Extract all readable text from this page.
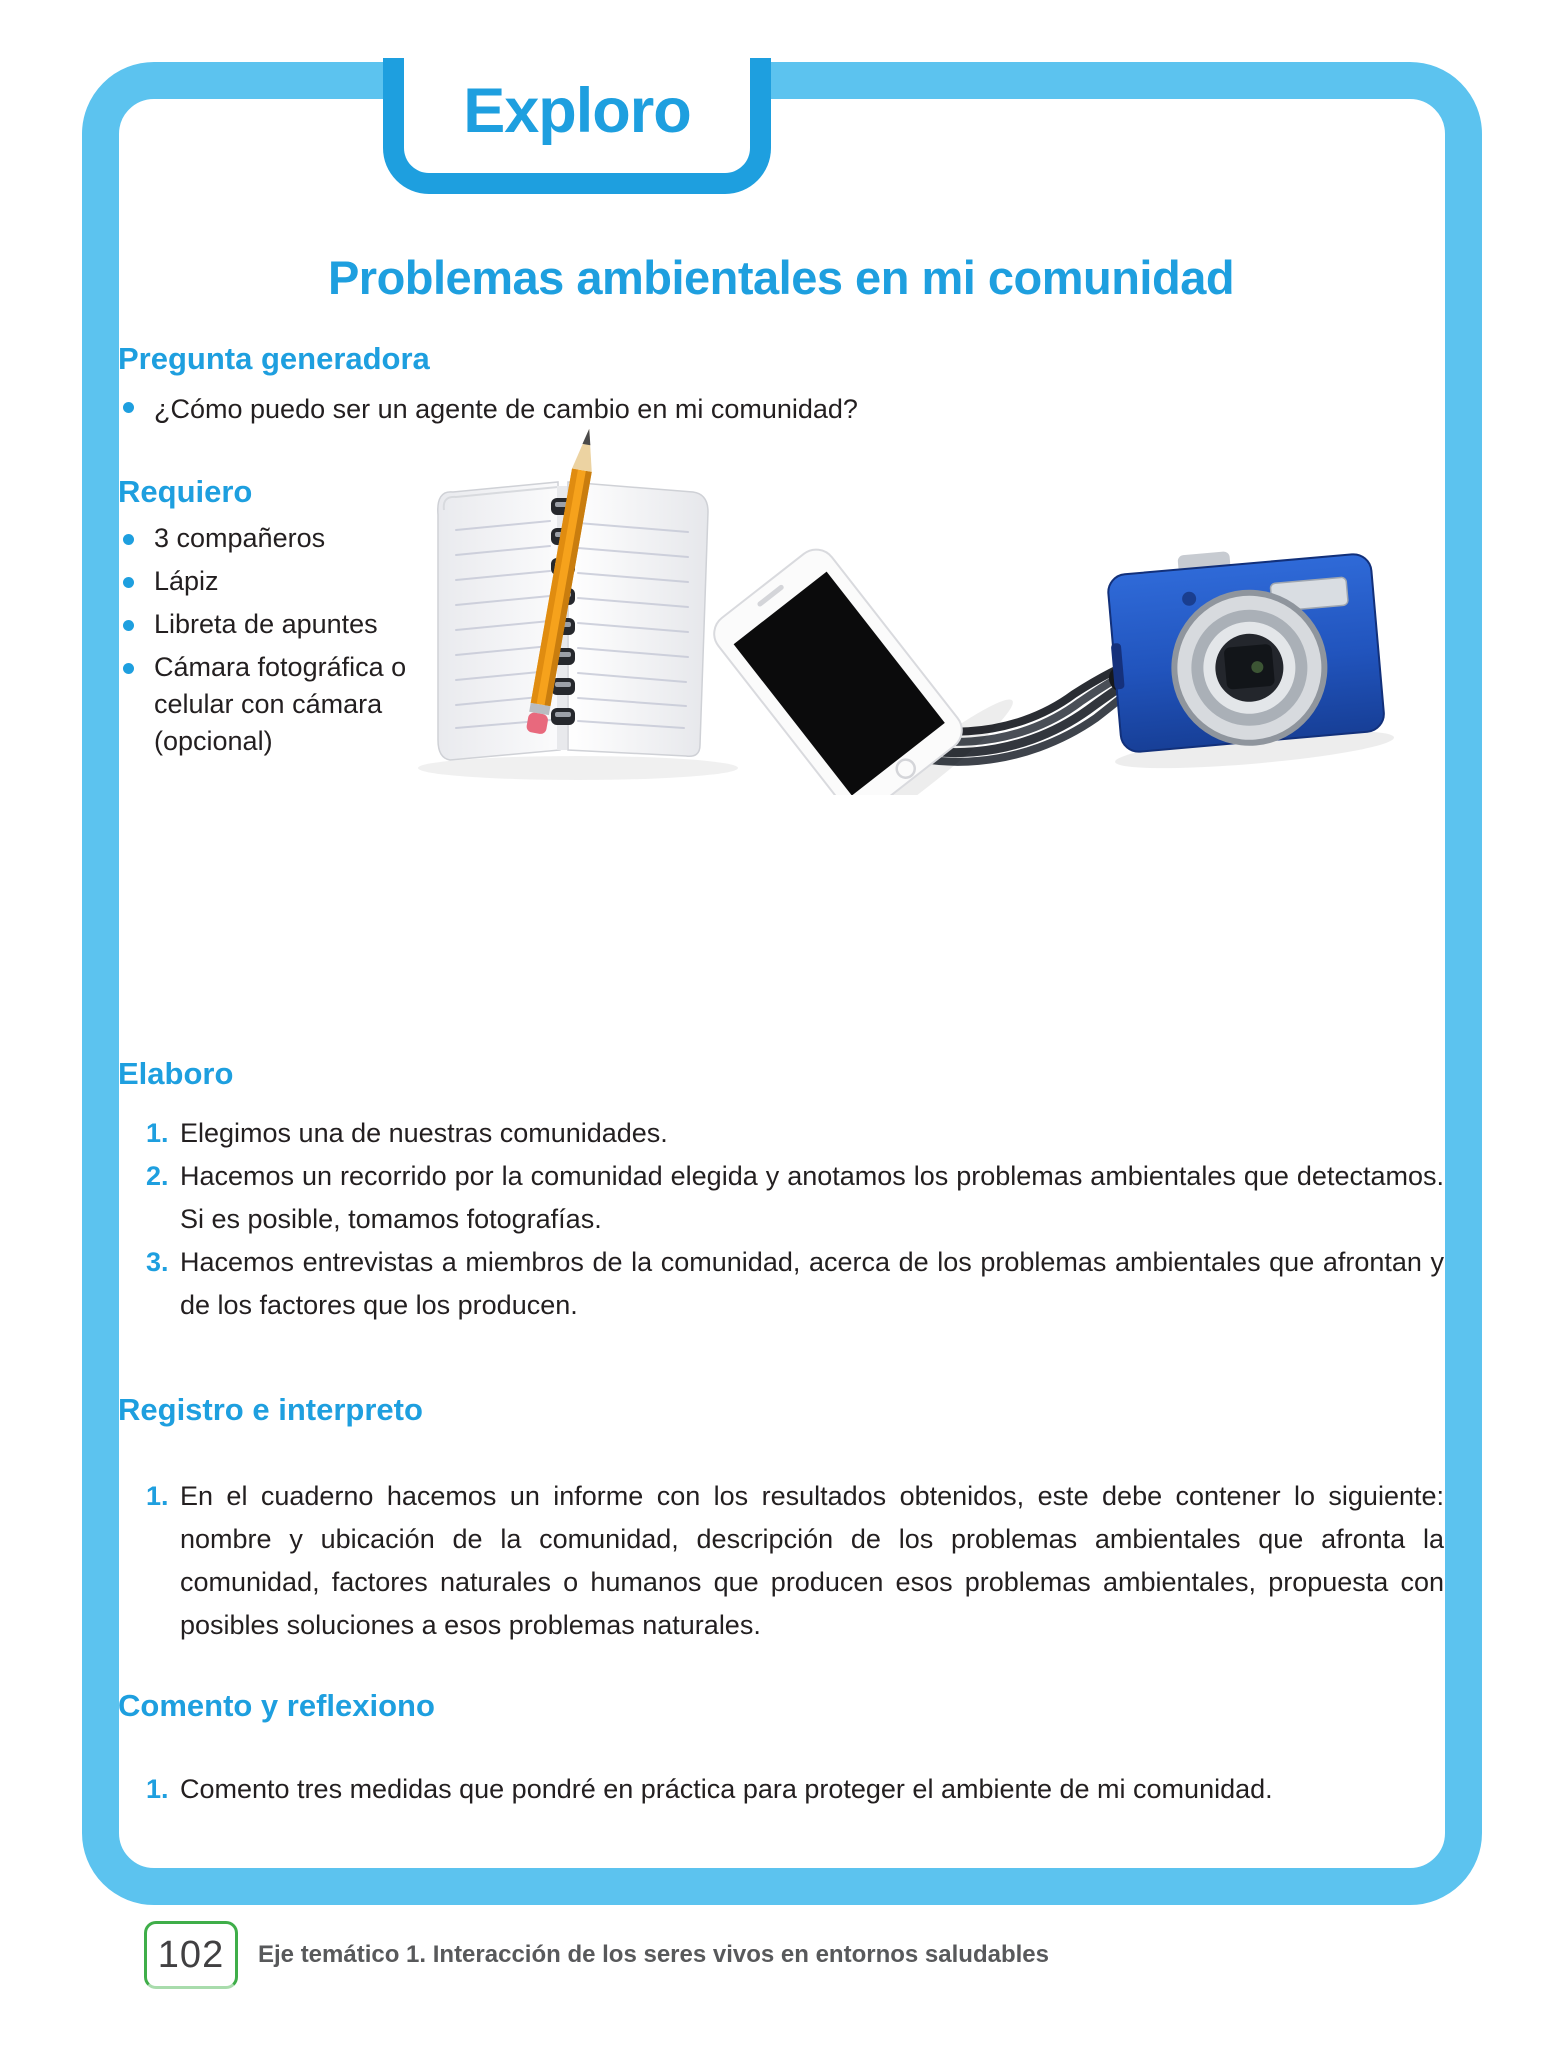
Exploro
Problemas ambientales en mi comunidad
Pregunta generadora
¿Cómo puedo ser un agente de cambio en mi comunidad?
Requiero
3 compañeros
Lápiz
Libreta de apuntes
Cámara fotográfica o celular con cámara (opcional)
Elaboro
1. Elegimos una de nuestras comunidades.
2. Hacemos un recorrido por la comunidad elegida y anotamos los problemas ambientales que detectamos. Si es posible, tomamos fotografías.
3. Hacemos entrevistas a miembros de la comunidad, acerca de los problemas ambientales que afrontan y de los factores que los producen.
Registro e interpreto
1. En el cuaderno hacemos un informe con los resultados obtenidos, este debe contener lo siguiente: nombre y ubicación de la comunidad, descripción de los problemas ambientales que afronta la comunidad, factores naturales o humanos que producen esos problemas ambientales, propuesta con posibles soluciones a esos problemas naturales.
Comento y reflexiono
1. Comento tres medidas que pondré en práctica para proteger el ambiente de mi comunidad.
102 Eje temático 1. Interacción de los seres vivos en entornos saludables
